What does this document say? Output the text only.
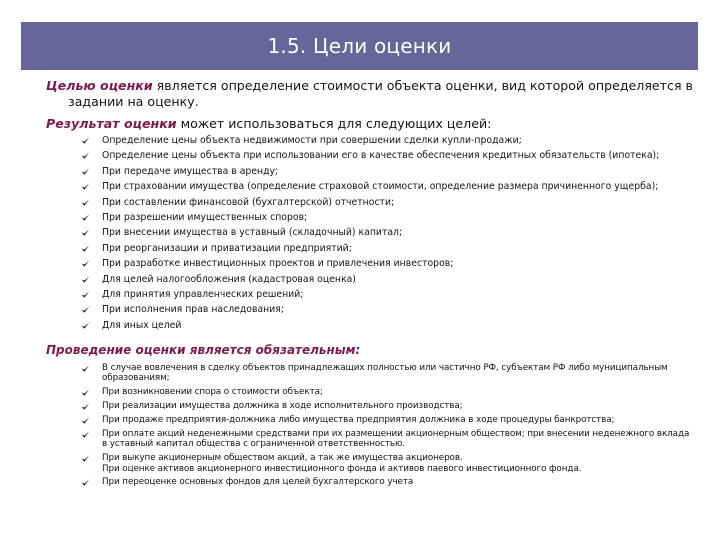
1.5. Цели оценки

Целью оценки является определение стоимости объекта оценки, вид которой определяется в задании на оценку.

Результат оценки может использоваться для следующих целей:

Определение цены объекта недвижимости при совершении сделки купли-продажи;
Определение цены объекта при использовании его в качестве обеспечения кредитных обязательств (ипотека);
При передаче имущества в аренду;
При страховании имущества (определение страховой стоимости, определение размера причиненного ущерба);
При составлении финансовой (бухгалтерской) отчетности;
При разрешении имущественных споров;
При внесении имущества в уставный (складочный) капитал;
При реорганизации и приватизации предприятий;
При разработке инвестиционных проектов и привлечения инвесторов;
Для целей налогообложения (кадастровая оценка)
Для принятия управленческих решений;
При исполнения прав наследования;
Для иных целей

Проведение оценки является обязательным:

В случае вовлечения в сделку объектов принадлежащих полностью или частично РФ, субъектам РФ либо муниципальным образованиям;
При возникновении спора о стоимости объекта;
При реализации имущества должника в ходе исполнительного производства;
При продаже предприятия-должника либо имущества предприятия должника в ходе процедуры банкротства;
При оплате акций неденежными средствами при их размещении акционерным обществом; при внесении неденежного вклада в уставный капитал общества с ограниченной ответственностью.
При выкупе акционерным обществом акций, а так же имущества акционеров.
При оценке активов акционерного инвестиционного фонда и активов паевого инвестиционного фонда.
При переоценке основных фондов для целей бухгалтерского учета
